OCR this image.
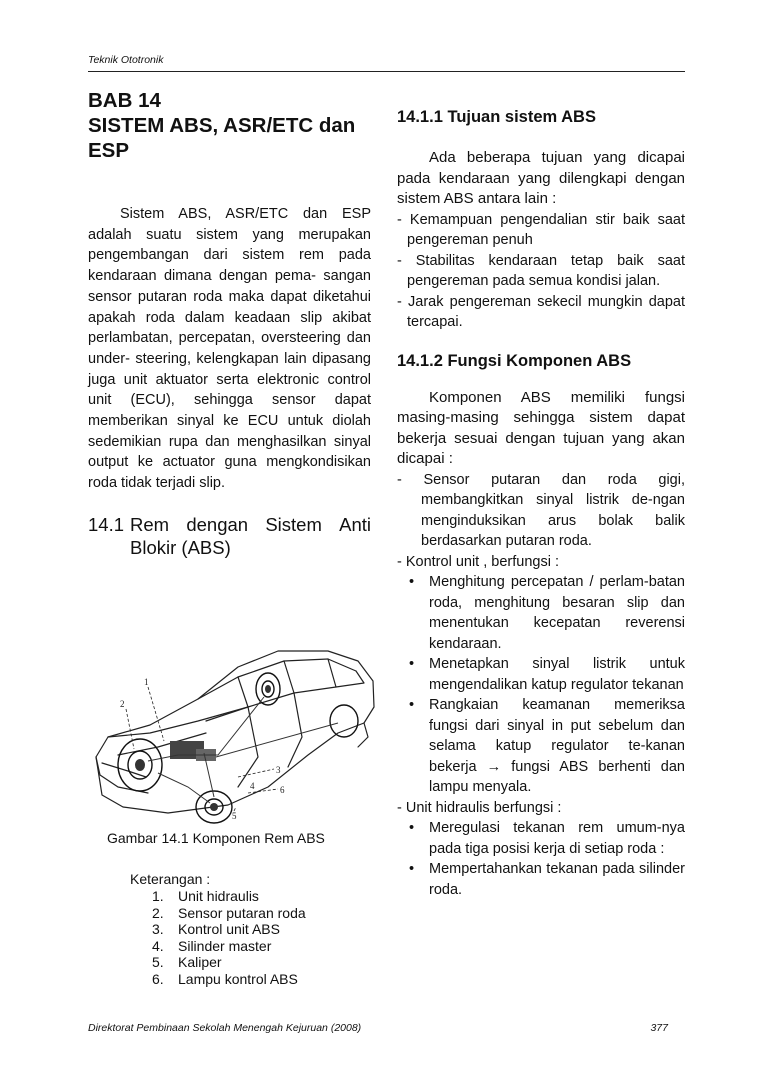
Teknik Ototronik
BAB 14
SISTEM ABS, ASR/ETC dan
ESP
Sistem ABS, ASR/ETC dan ESP adalah suatu sistem yang merupakan pengembangan dari sistem rem pada kendaraan dimana dengan pema- sangan sensor putaran roda maka dapat diketahui apakah roda dalam keadaan slip akibat perlambatan, percepatan, oversteering dan under- steering, kelengkapan lain dipasang juga unit aktuator serta elektronic control unit (ECU), sehingga sensor dapat memberikan sinyal ke ECU untuk diolah sedemikian rupa dan menghasilkan sinyal output ke actuator guna mengkondisikan roda tidak terjadi slip.
14.1 Rem dengan Sistem Anti
Blokir (ABS)
1
2
3
4
5
6
Gambar 14.1 Komponen Rem ABS
Keterangan :
1. Unit hidraulis
2. Sensor putaran roda
3. Kontrol unit ABS
4. Silinder master
5. Kaliper
6. Lampu kontrol ABS
14.1.1 Tujuan sistem ABS
Ada beberapa tujuan yang dicapai pada kendaraan yang dilengkapi dengan sistem ABS antara lain :
- Kemampuan pengendalian stir baik saat pengereman penuh
- Stabilitas kendaraan tetap baik saat pengereman pada semua kondisi jalan.
- Jarak pengereman sekecil mungkin dapat tercapai.
14.1.2 Fungsi Komponen ABS
Komponen ABS memiliki fungsi masing-masing sehingga sistem dapat bekerja sesuai dengan tujuan yang akan dicapai :
- Sensor putaran dan roda gigi, membangkitkan sinyal listrik de-ngan menginduksikan arus bolak balik berdasarkan putaran roda.
- Kontrol unit , berfungsi :
• Menghitung percepatan / perlam-batan roda, menghitung besaran slip dan menentukan kecepatan reverensi kendaraan.
• Menetapkan sinyal listrik untuk mengendalikan katup regulator tekanan
• Rangkaian keamanan memeriksa fungsi dari sinyal in put sebelum dan selama katup regulator te-kanan bekerja → fungsi ABS berhenti dan lampu menyala.
- Unit hidraulis berfungsi :
• Meregulasi tekanan rem umum-nya pada tiga posisi kerja di setiap roda :
• Mempertahankan tekanan pada silinder roda.
Direktorat Pembinaan Sekolah Menengah Kejuruan (2008)	377
